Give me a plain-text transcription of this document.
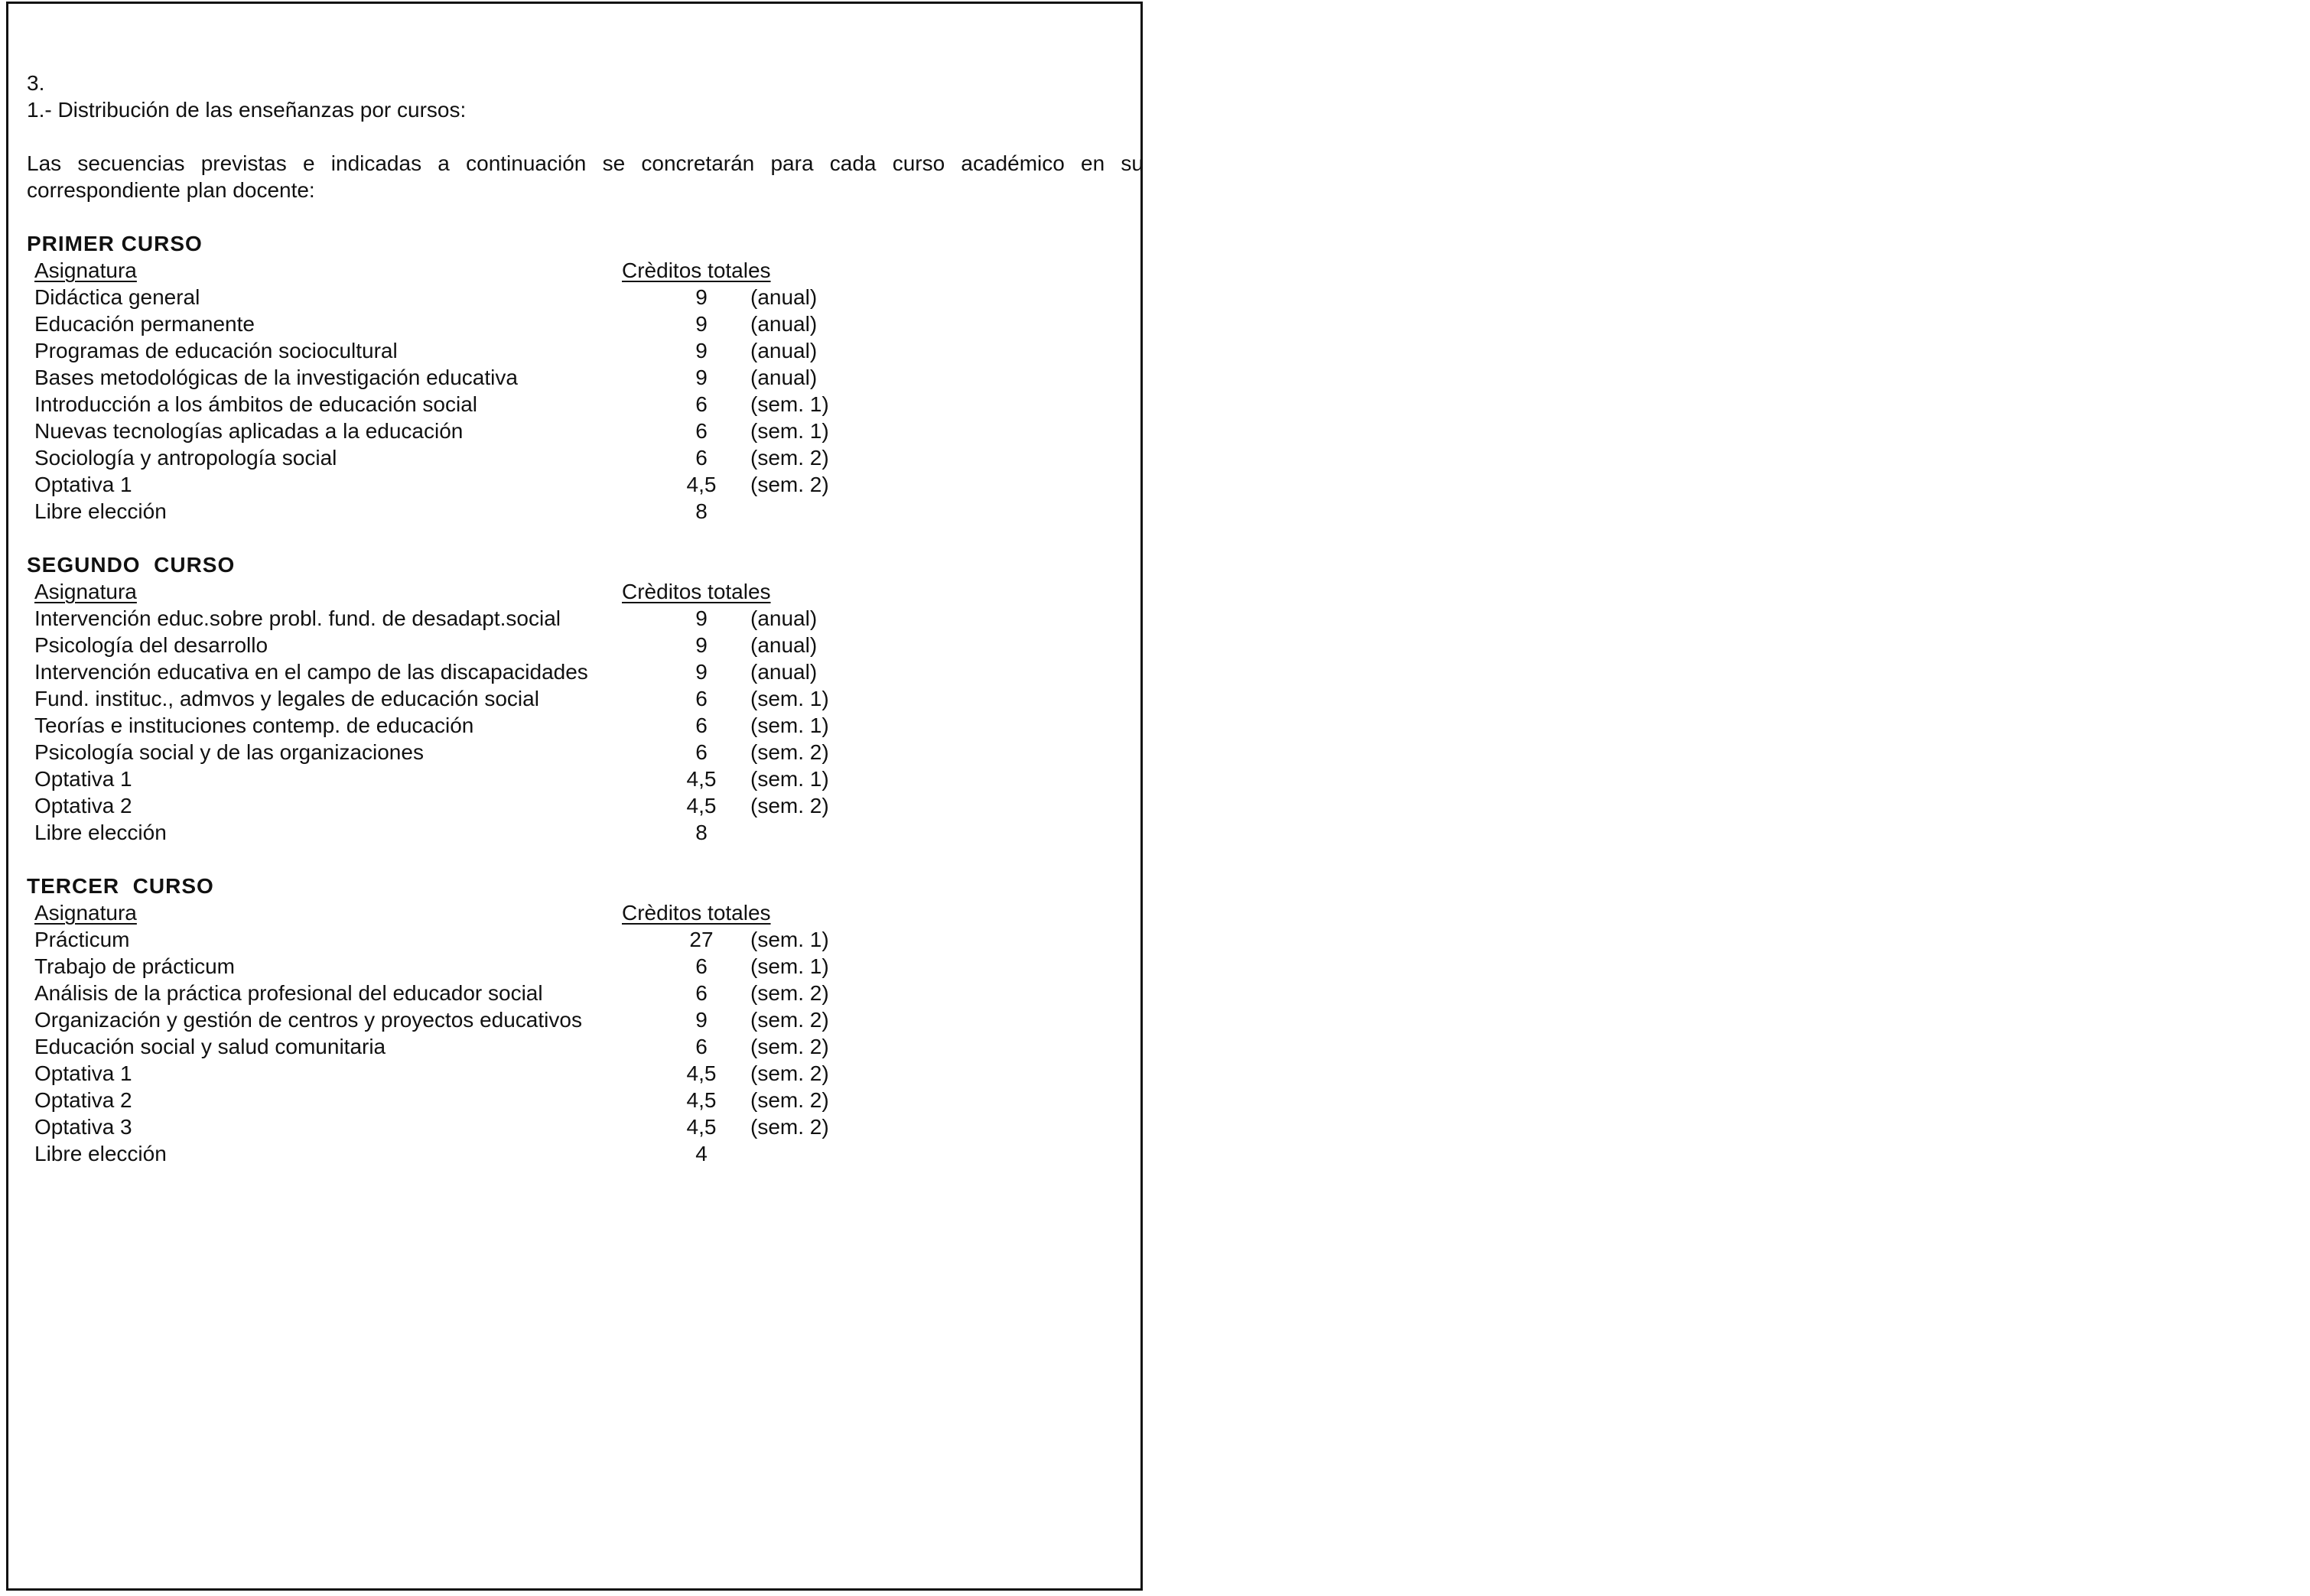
3.
1.- Distribución de las enseñanzas por cursos:
Las secuencias previstas e indicadas a continuación se concretarán para cada curso académico en su correspondiente plan docente:
PRIMER CURSO
Asignatura	Crèditos totales
Didáctica general	9	(anual)
Educación permanente	9	(anual)
Programas de educación sociocultural	9	(anual)
Bases metodológicas de la investigación educativa	9	(anual)
Introducción a los ámbitos de educación social	6	(sem. 1)
Nuevas tecnologías aplicadas a la educación	6	(sem. 1)
Sociología y antropología social	6	(sem. 2)
Optativa 1	4,5 (sem. 2)
Libre elección	8
SEGUNDO  CURSO
Asignatura	Crèditos totales
Intervención educ.sobre probl. fund. de desadapt.social	9	(anual)
Psicología del desarrollo	9	(anual)
Intervención educativa en el campo de las discapacidades	9	(anual)
Fund. instituc., admvos y legales de educación social	6	(sem. 1)
Teorías e instituciones contemp. de educación	6	(sem. 1)
Psicología social y de las organizaciones	6	(sem. 2)
Optativa 1	4,5 (sem. 1)
Optativa 2	4,5 (sem. 2)
Libre elección	8
TERCER  CURSO
Asignatura	Crèditos totales
Prácticum	27 (sem. 1)
Trabajo de prácticum	6	(sem. 1)
Análisis de la práctica profesional del educador social	6	(sem. 2)
Organización y gestión de centros y proyectos educativos	9	(sem. 2)
Educación social y salud comunitaria	6	(sem. 2)
Optativa 1	4,5 (sem. 2)
Optativa 2	4,5 (sem. 2)
Optativa 3	4,5 (sem. 2)
Libre elección	4
